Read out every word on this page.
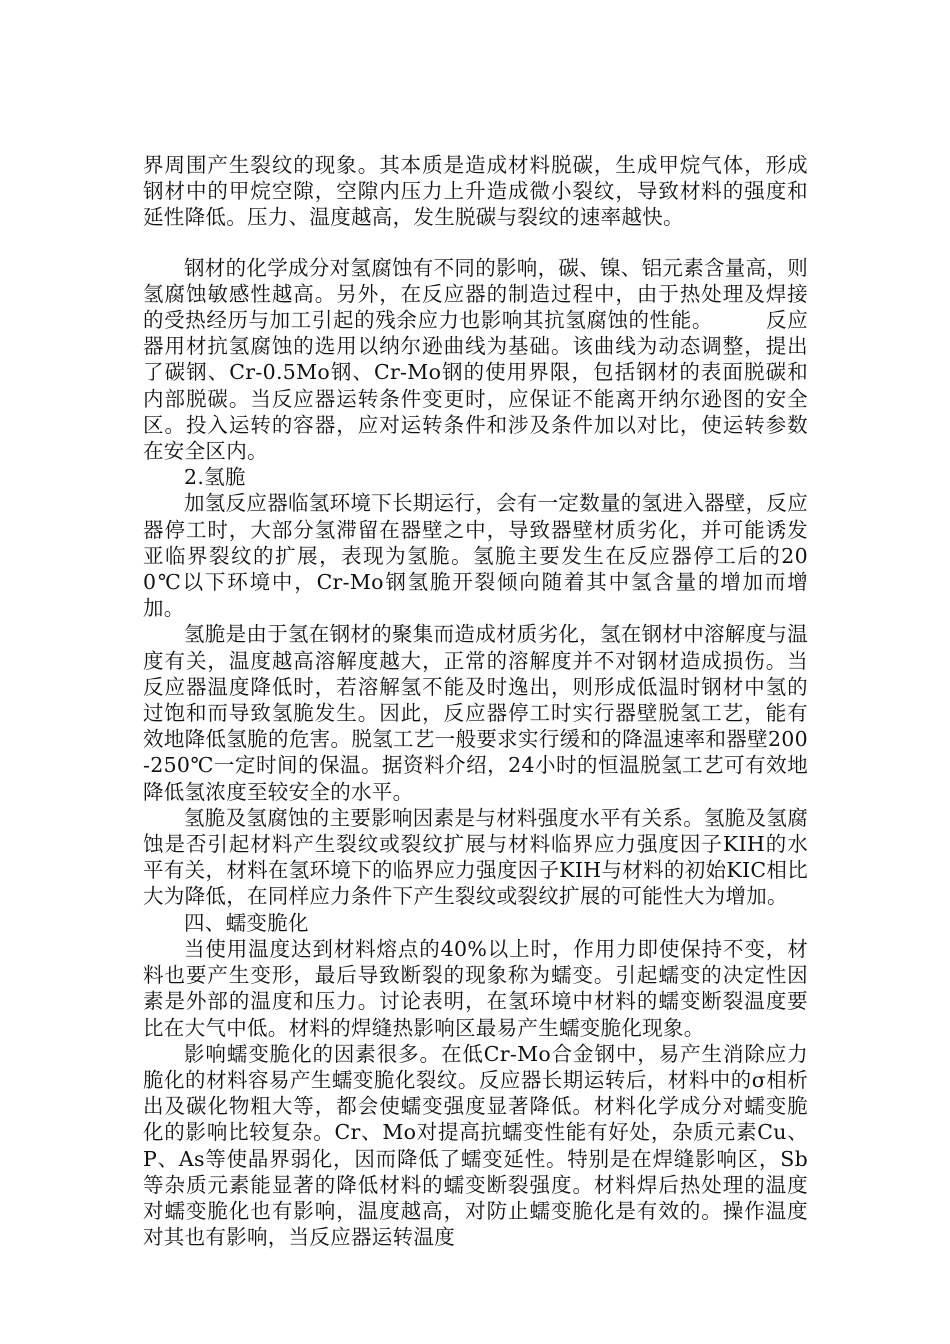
界周围产生裂纹的现象。其本质是造成材料脱碳，生成甲烷气体，形成钢材中的甲烷空隙，空隙内压力上升造成微小裂纹，导致材料的强度和延性降低。压力、温度越高，发生脱碳与裂纹的速率越快。

钢材的化学成分对氢腐蚀有不同的影响，碳、镍、铝元素含量高，则氢腐蚀敏感性越高。另外，在反应器的制造过程中，由于热处理及焊接的受热经历与加工引起的残余应力也影响其抗氢腐蚀的性能。　　　反应器用材抗氢腐蚀的选用以纳尔逊曲线为基础。该曲线为动态调整，提出了碳钢、Cr-0.5Mo钢、Cr-Mo钢的使用界限，包括钢材的表面脱碳和内部脱碳。当反应器运转条件变更时，应保证不能离开纳尔逊图的安全区。投入运转的容器，应对运转条件和涉及条件加以对比，使运转参数在安全区内。

2.氢脆

加氢反应器临氢环境下长期运行，会有一定数量的氢进入器壁，反应器停工时，大部分氢滞留在器壁之中，导致器壁材质劣化，并可能诱发亚临界裂纹的扩展，表现为氢脆。氢脆主要发生在反应器停工后的200℃以下环境中，Cr-Mo钢氢脆开裂倾向随着其中氢含量的增加而增加。

氢脆是由于氢在钢材的聚集而造成材质劣化，氢在钢材中溶解度与温度有关，温度越高溶解度越大，正常的溶解度并不对钢材造成损伤。当反应器温度降低时，若溶解氢不能及时逸出，则形成低温时钢材中氢的过饱和而导致氢脆发生。因此，反应器停工时实行器壁脱氢工艺，能有效地降低氢脆的危害。脱氢工艺一般要求实行缓和的降温速率和器壁200-250℃一定时间的保温。据资料介绍，24小时的恒温脱氢工艺可有效地降低氢浓度至较安全的水平。

氢脆及氢腐蚀的主要影响因素是与材料强度水平有关系。氢脆及氢腐蚀是否引起材料产生裂纹或裂纹扩展与材料临界应力强度因子KIH的水平有关，材料在氢环境下的临界应力强度因子KIH与材料的初始KIC相比大为降低，在同样应力条件下产生裂纹或裂纹扩展的可能性大为增加。

四、蠕变脆化

当使用温度达到材料熔点的40%以上时，作用力即使保持不变，材料也要产生变形，最后导致断裂的现象称为蠕变。引起蠕变的决定性因素是外部的温度和压力。讨论表明，在氢环境中材料的蠕变断裂温度要比在大气中低。材料的焊缝热影响区最易产生蠕变脆化现象。

影响蠕变脆化的因素很多。在低Cr-Mo合金钢中，易产生消除应力脆化的材料容易产生蠕变脆化裂纹。反应器长期运转后，材料中的σ相析出及碳化物粗大等，都会使蠕变强度显著降低。材料化学成分对蠕变脆化的影响比较复杂。Cr、Mo对提高抗蠕变性能有好处，杂质元素Cu、P、As等使晶界弱化，因而降低了蠕变延性。特别是在焊缝影响区，Sb等杂质元素能显著的降低材料的蠕变断裂强度。材料焊后热处理的温度对蠕变脆化也有影响，温度越高，对防止蠕变脆化是有效的。操作温度对其也有影响，当反应器运转温度
